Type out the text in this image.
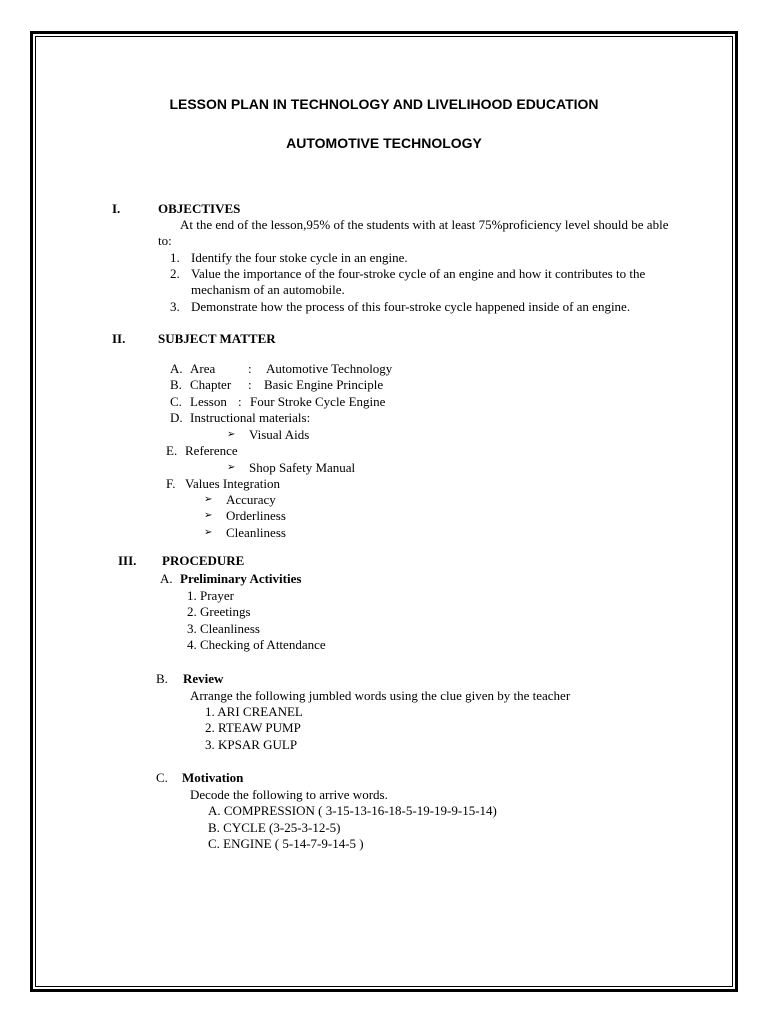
LESSON PLAN IN TECHNOLOGY AND LIVELIHOOD EDUCATION
AUTOMOTIVE TECHNOLOGY
I.	OBJECTIVES
At the end of the lesson,95% of the students with at least 75%proficiency level should be able to:
1. Identify the four stoke cycle in an engine.
2. Value the importance of the four-stroke cycle of an engine and how it contributes to the
mechanism of an automobile.
3. Demonstrate how the process of this four-stroke cycle happened inside of an engine.
II.	SUBJECT MATTER
A. Area	: Automotive Technology
B. Chapter : Basic Engine Principle
C. Lesson : Four Stroke Cycle Engine
D. Instructional materials:
➢ Visual Aids
E. Reference
➢ Shop Safety Manual
F. Values Integration
➢ Accuracy
➢ Orderliness
➢ Cleanliness
III. PROCEDURE
A. Preliminary Activities
1. Prayer
2. Greetings
3. Cleanliness
4. Checking of Attendance
B. Review
Arrange the following jumbled words using the clue given by the teacher
1. ARI CREANEL
2. RTEAW PUMP
3. KPSAR GULP
C. Motivation
Decode the following to arrive words.
A. COMPRESSION ( 3-15-13-16-18-5-19-19-9-15-14)
B. CYCLE (3-25-3-12-5)
C. ENGINE ( 5-14-7-9-14-5 )
